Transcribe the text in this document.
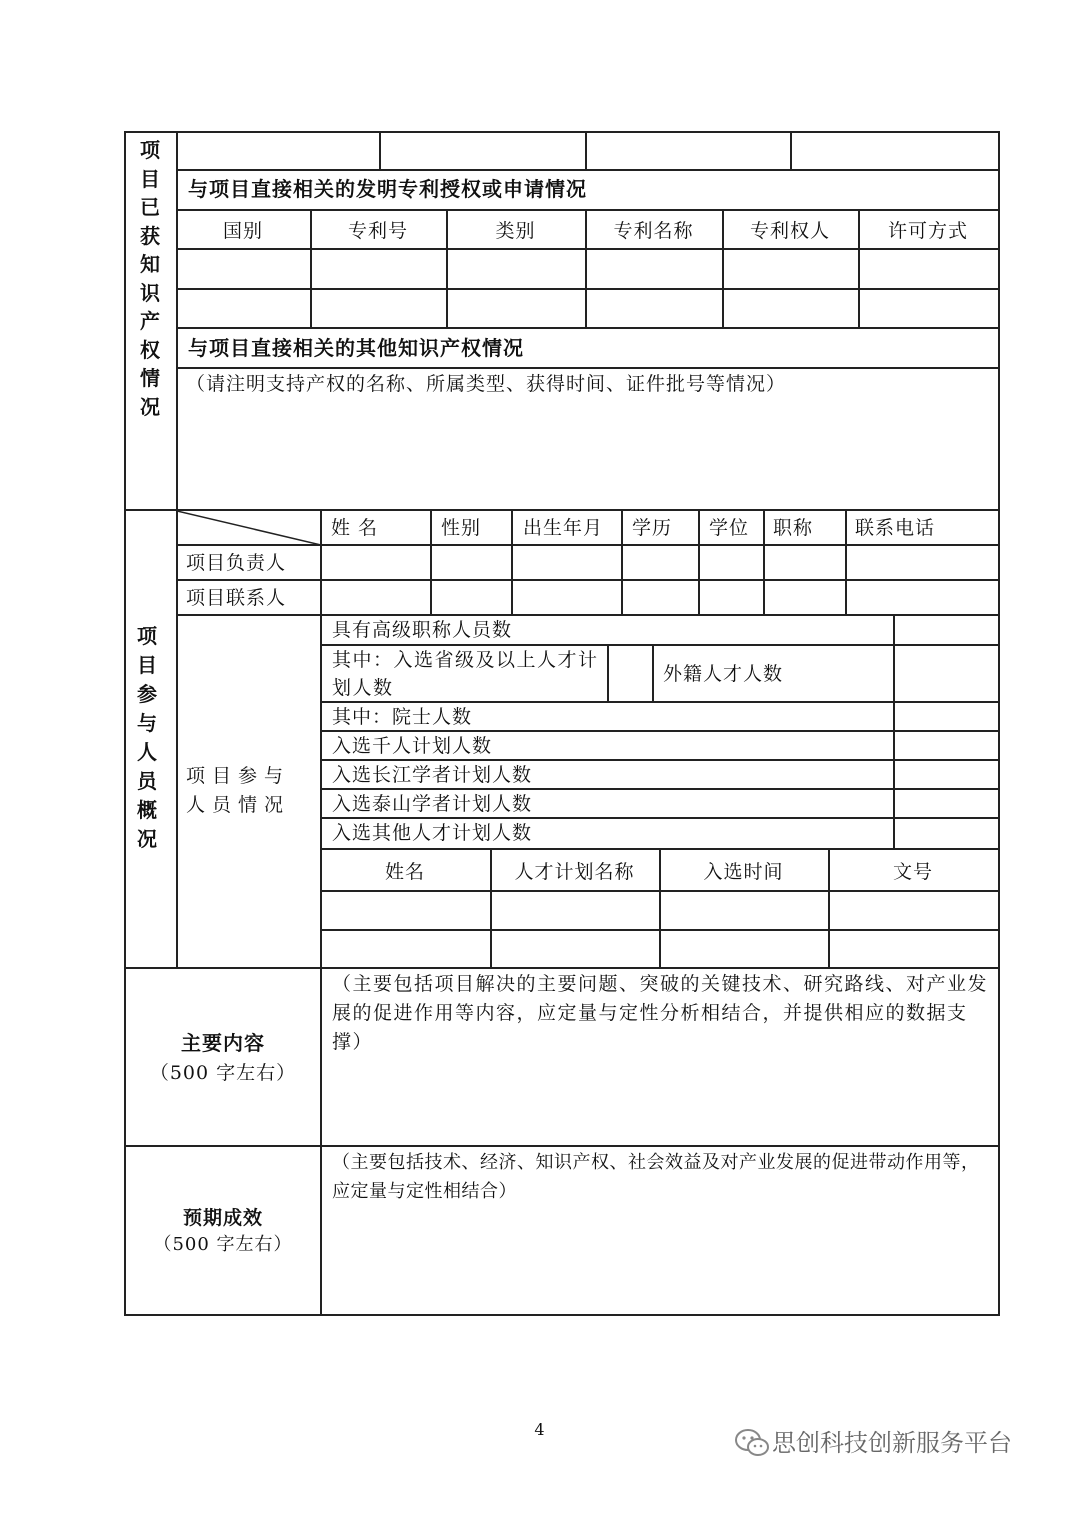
项目已获知识产权情况
与项目直接相关的发明专利授权或申请情况
国别	专利号	类别	专利名称	专利权人	许可方式
与项目直接相关的其他知识产权情况
（请注明支持产权的名称、所属类型、获得时间、证件批号等情况）
项目参与人员概况
姓 名	性别 出生年月 学历 学位 职称 联系电话
项目负责人
项目联系人
项目参与人员情况
具有高级职称人员数
其中：入选省级及以上人才计划人数
外籍人才人数
其中：院士人数
入选千人计划人数
入选长江学者计划人数
入选泰山学者计划人数
入选其他人才计划人数
姓名	人才计划名称	入选时间	文号
主要内容
（500 字左右）
（主要包括项目解决的主要问题、突破的关键技术、研究路线、对产业发展的促进作用等内容，应定量与定性分析相结合，并提供相应的数据支撑）
预期成效
（500 字左右）
（主要包括技术、经济、知识产权、社会效益及对产业发展的促进带动作用等，应定量与定性相结合）
4	思创科技创新服务平台
